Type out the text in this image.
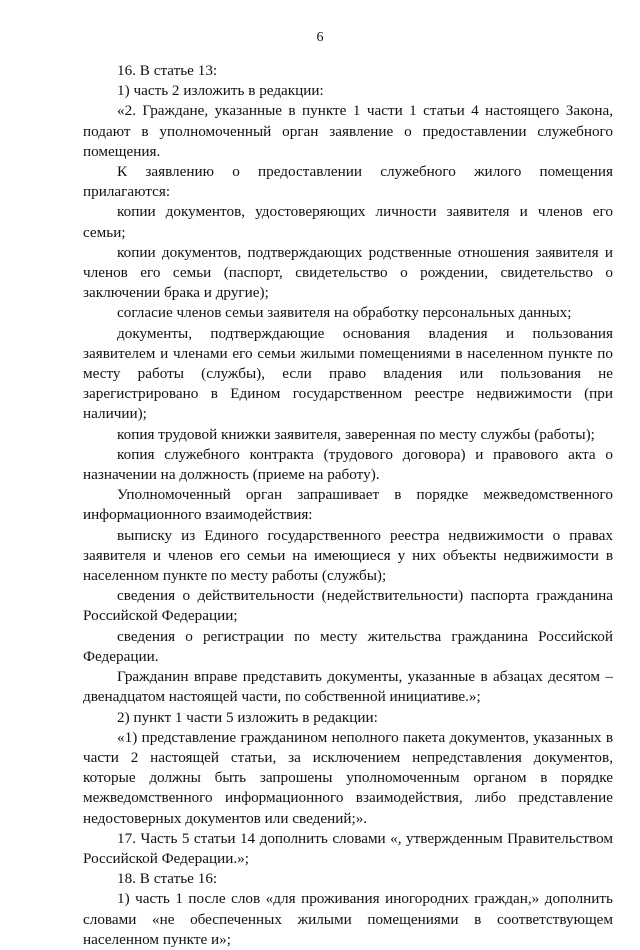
6

16. В статье 13:

1) часть 2 изложить в редакции:

«2. Граждане, указанные в пункте 1 части 1 статьи 4 настоящего Закона, подают в уполномоченный орган заявление о предоставлении служебного помещения.

К заявлению о предоставлении служебного жилого помещения прилагаются:

копии документов, удостоверяющих личности заявителя и членов его семьи;

копии документов, подтверждающих родственные отношения заявителя и членов его семьи (паспорт, свидетельство о рождении, свидетельство о заключении брака и другие);

согласие членов семьи заявителя на обработку персональных данных;

документы, подтверждающие основания владения и пользования заявителем и членами его семьи жилыми помещениями в населенном пункте по месту работы (службы), если право владения или пользования не зарегистрировано в Едином государственном реестре недвижимости (при наличии);

копия трудовой книжки заявителя, заверенная по месту службы (работы);

копия служебного контракта (трудового договора) и правового акта о назначении на должность (приеме на работу).

Уполномоченный орган запрашивает в порядке межведомственного информационного взаимодействия:

выписку из Единого государственного реестра недвижимости о правах заявителя и членов его семьи на имеющиеся у них объекты недвижимости в населенном пункте по месту работы (службы);

сведения о действительности (недействительности) паспорта гражданина Российской Федерации;

сведения о регистрации по месту жительства гражданина Российской Федерации.

Гражданин вправе представить документы, указанные в абзацах десятом – двенадцатом настоящей части, по собственной инициативе.»;

2) пункт 1 части 5 изложить в редакции:

«1) представление гражданином неполного пакета документов, указанных в части 2 настоящей статьи, за исключением непредставления документов, которые должны быть запрошены уполномоченным органом в порядке межведомственного информационного взаимодействия, либо представление недостоверных документов или сведений;».

17. Часть 5 статьи 14 дополнить словами «, утвержденным Правительством Российской Федерации.»;

18. В статье 16:

1) часть 1 после слов «для проживания иногородних граждан,» дополнить словами «не обеспеченных жилыми помещениями в соответствующем населенном пункте и»;
